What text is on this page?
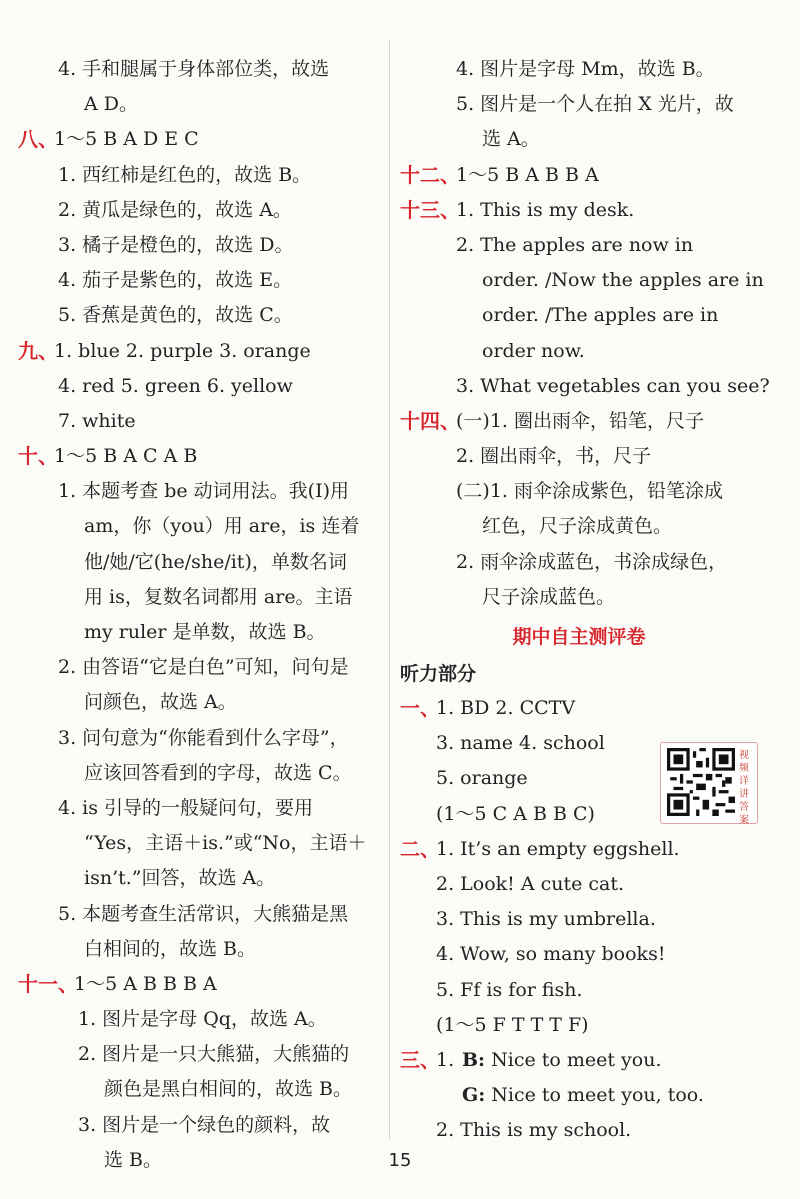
4. 手和腿属于身体部位类，故选
A D。
八、
1～5 B A D E C
1. 西红柿是红色的，故选 B。
2. 黄瓜是绿色的，故选 A。
3. 橘子是橙色的，故选 D。
4. 茄子是紫色的，故选 E。
5. 香蕉是黄色的，故选 C。
九、
1. blue 2. purple 3. orange
4. red 5. green 6. yellow
7. white
十、
1～5 B A C A B
1. 本题考查 be 动词用法。我(I)用
am，你（you）用 are，is 连着
他/她/它(he/she/it)，单数名词
用 is，复数名词都用 are。主语
my ruler 是单数，故选 B。
2. 由答语“它是白色”可知，问句是
问颜色，故选 A。
3. 问句意为“你能看到什么字母”，
应该回答看到的字母，故选 C。
4. is 引导的一般疑问句，要用
“Yes，主语＋is.”或“No，主语＋
isn’t.”回答，故选 A。
5. 本题考查生活常识，大熊猫是黑
白相间的，故选 B。
十一、
1～5 A B B B A
1. 图片是字母 Qq，故选 A。
2. 图片是一只大熊猫，大熊猫的
颜色是黑白相间的，故选 B。
3. 图片是一个绿色的颜料，故
选 B。
4. 图片是字母 Mm，故选 B。
5. 图片是一个人在拍 X 光片，故
选 A。
十二、
1～5 B A B B A
十三、
1. This is my desk.
2. The apples are now in
order. /Now the apples are in
order. /The apples are in
order now.
3. What vegetables can you see?
十四、
(一)1. 圈出雨伞，铅笔，尺子
2. 圈出雨伞，书，尺子
(二)1. 雨伞涂成紫色，铅笔涂成
红色，尺子涂成黄色。
2. 雨伞涂成蓝色，书涂成绿色，
尺子涂成蓝色。
期中自主测评卷
听力部分
一、
1. BD 2. CCTV
3. name 4. school
5. orange
(1～5 C A B B C)
二、
1. It’s an empty eggshell.
2. Look! A cute cat.
3. This is my umbrella.
4. Wow, so many books!
5. Ff is for fish.
(1～5 F T T T F)
三、
1. B: Nice to meet you.
G: Nice to meet you, too.
2. This is my school.
视频详讲答案
15
